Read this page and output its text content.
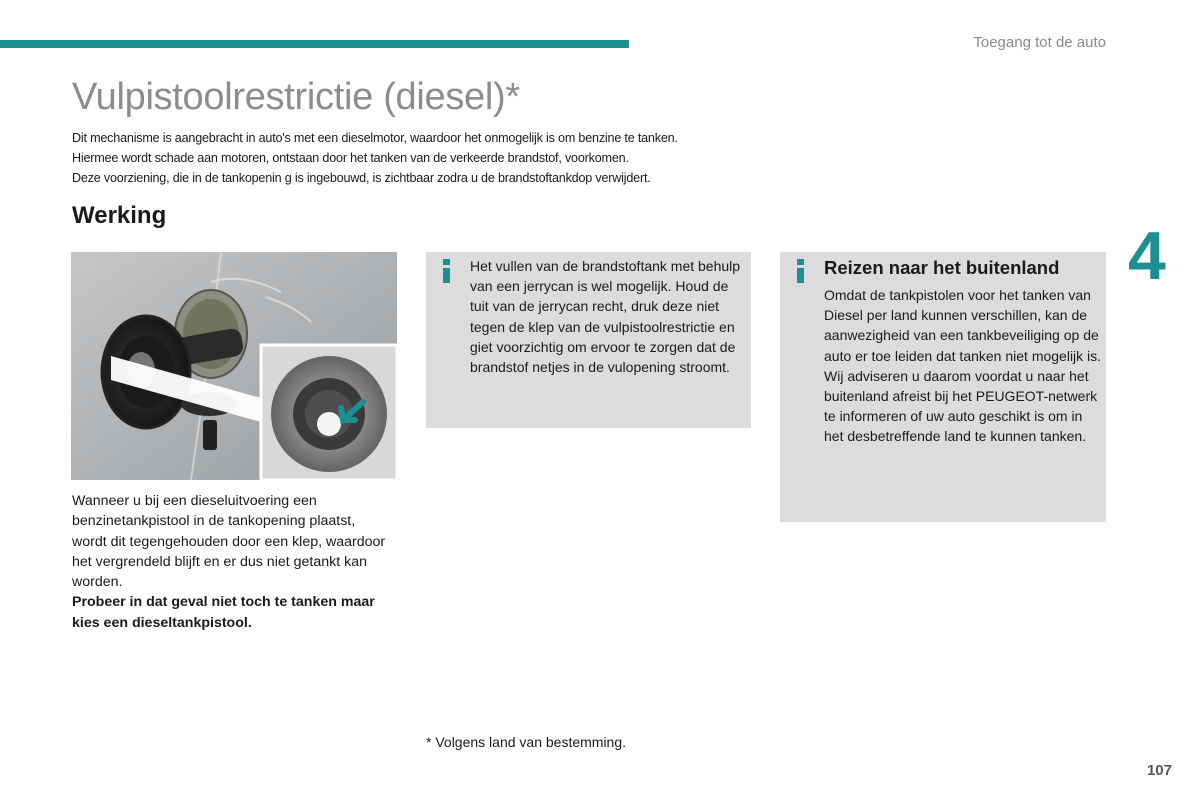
Toegang tot de auto
4
Vulpistoolrestrictie (diesel)*

Dit mechanisme is aangebracht in auto's met een dieselmotor, waardoor het onmogelijk is om benzine te tanken.

Hiermee wordt schade aan motoren, ontstaan door het tanken van de verkeerde brandstof, voorkomen.

Deze voorziening, die in de tankopenin g is ingebouwd, is zichtbaar zodra u de brandstoftankdop verwijdert.

Werking

Wanneer u bij een dieseluitvoering een benzinetankpistool in de tankopening plaatst, wordt dit tegengehouden door een klep, waardoor het vergrendeld blijft en er dus niet getankt kan worden.

Probeer in dat geval niet toch te tanken maar kies een dieseltankpistool.

Het vullen van de brandstoftank met behulp van een jerrycan is wel mogelijk. Houd de tuit van de jerrycan recht, druk deze niet tegen de klep van de vulpistoolrestrictie en giet voorzichtig om ervoor te zorgen dat de brandstof netjes in de vulopening stroomt.
Reizen naar het buitenland
Omdat de tankpistolen voor het tanken van Diesel per land kunnen verschillen, kan de aanwezigheid van een tankbeveiliging op de auto er toe leiden dat tanken niet mogelijk is. Wij adviseren u daarom voordat u naar het buitenland afreist bij het PEUGEOT-netwerk te informeren of uw auto geschikt is om in het desbetreffende land te kunnen tanken.
* Volgens land van bestemming.
107
